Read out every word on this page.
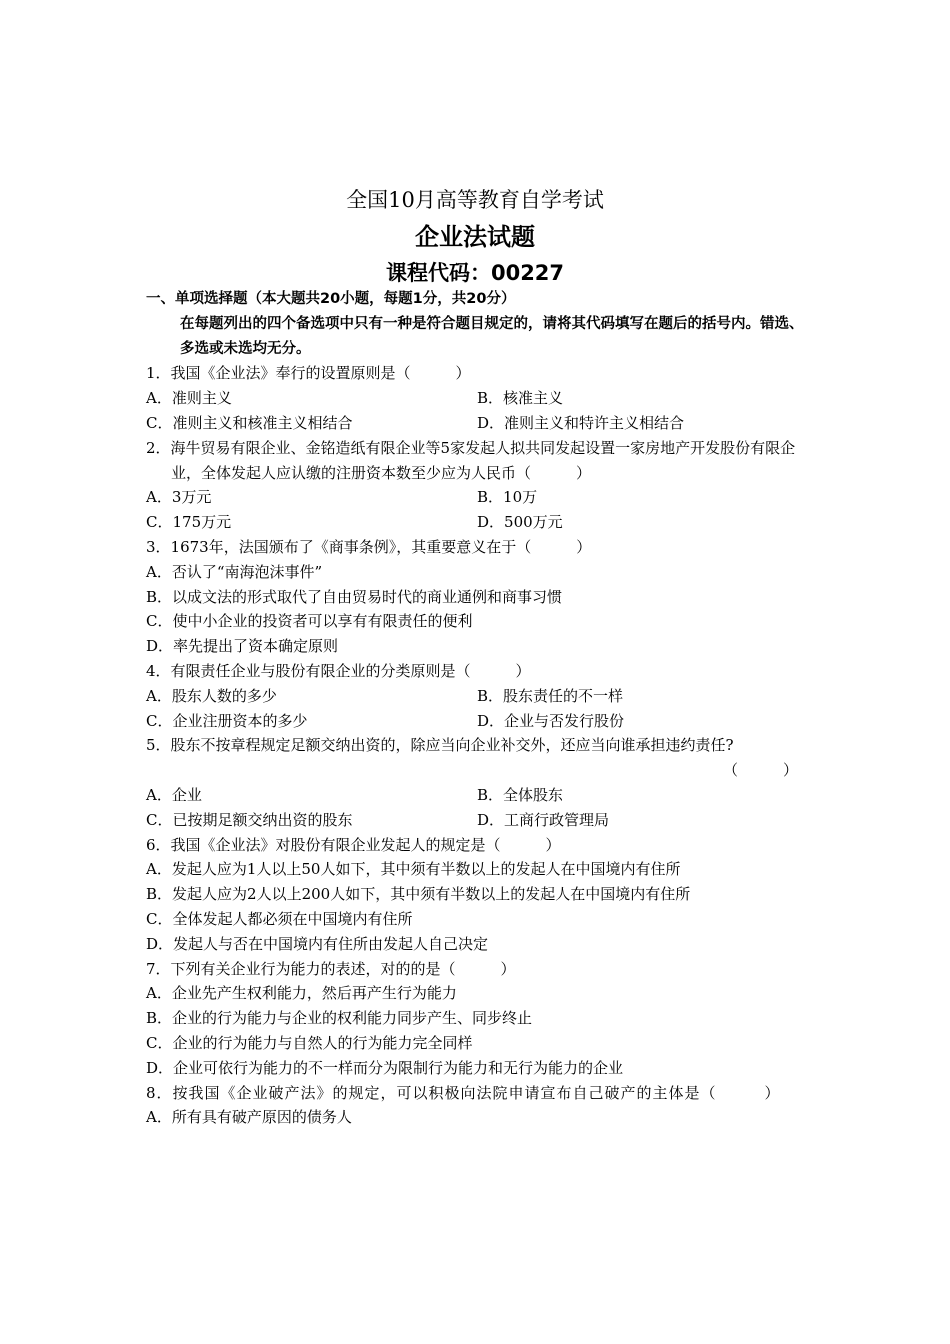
全国10月高等教育自学考试
企业法试题
课程代码：00227
一、单项选择题（本大题共20小题，每题1分，共20分）
在每题列出的四个备选项中只有一种是符合题目规定的，请将其代码填写在题后的括号内。错选、多选或未选均无分。
1．我国《企业法》奉行的设置原则是（　　　）
A．准则主义	B．核准主义
C．准则主义和核准主义相结合	D．准则主义和特许主义相结合
2．海牛贸易有限企业、金铭造纸有限企业等5家发起人拟共同发起设置一家房地产开发股份有限企业，全体发起人应认缴的注册资本数至少应为人民币（　　　）
A．3万元	B．10万
C．175万元	D．500万元
3．1673年，法国颁布了《商事条例》，其重要意义在于（　　　）
A．否认了“南海泡沫事件”
B．以成文法的形式取代了自由贸易时代的商业通例和商事习惯
C．使中小企业的投资者可以享有有限责任的便利
D．率先提出了资本确定原则
4．有限责任企业与股份有限企业的分类原则是（　　　）
A．股东人数的多少	B．股东责任的不一样
C．企业注册资本的多少	D．企业与否发行股份
5．股东不按章程规定足额交纳出资的，除应当向企业补交外，还应当向谁承担违约责任?
（　　　）
A．企业	B．全体股东
C．已按期足额交纳出资的股东	D．工商行政管理局
6．我国《企业法》对股份有限企业发起人的规定是（　　　）
A．发起人应为1人以上50人如下，其中须有半数以上的发起人在中国境内有住所
B．发起人应为2人以上200人如下，其中须有半数以上的发起人在中国境内有住所
C．全体发起人都必须在中国境内有住所
D．发起人与否在中国境内有住所由发起人自己决定
7．下列有关企业行为能力的表述，对的的是（　　　）
A．企业先产生权利能力，然后再产生行为能力
B．企业的行为能力与企业的权利能力同步产生、同步终止
C．企业的行为能力与自然人的行为能力完全同样
D．企业可依行为能力的不一样而分为限制行为能力和无行为能力的企业
8．按我国《企业破产法》的规定，可以积极向法院申请宣布自己破产的主体是（　　　）
A．所有具有破产原因的债务人
